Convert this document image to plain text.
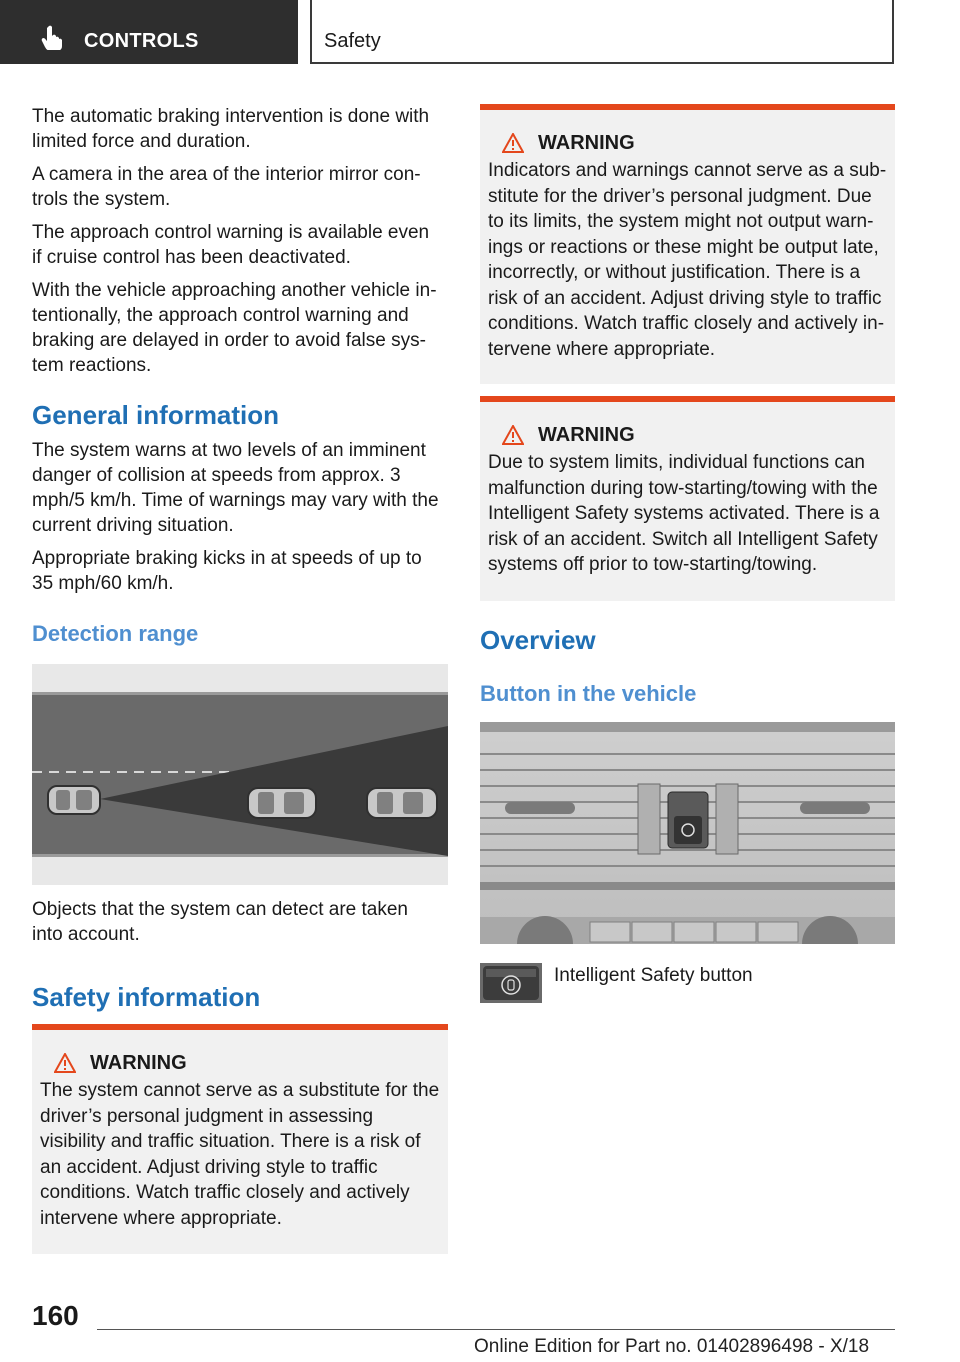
CONTROLS	Safety

The automatic braking intervention is done with limited force and duration.

A camera in the area of the interior mirror controls the system.

The approach control warning is available even if cruise control has been deactivated.

With the vehicle approaching another vehicle intentionally, the approach control warning and braking are delayed in order to avoid false system reactions.

General information

The system warns at two levels of an imminent danger of collision at speeds from approx. 3 mph/5 km/h. Time of warnings may vary with the current driving situation.

Appropriate braking kicks in at speeds of up to 35 mph/60 km/h.

Detection range

Objects that the system can detect are taken into account.

Safety information
WARNING

The system cannot serve as a substitute for the driver’s personal judgment in assessing visibility and traffic situation. There is a risk of an accident. Adjust driving style to traffic conditions. Watch traffic closely and actively intervene where appropriate.

WARNING

Indicators and warnings cannot serve as a substitute for the driver’s personal judgment. Due to its limits, the system might not output warnings or reactions or these might be output late, incorrectly, or without justification. There is a risk of an accident. Adjust driving style to traffic conditions. Watch traffic closely and actively intervene where appropriate.

WARNING

Due to system limits, individual functions can malfunction during tow-starting/towing with the Intelligent Safety systems activated. There is a risk of an accident. Switch all Intelligent Safety systems off prior to tow-starting/towing.

Overview
Button in the vehicle

Intelligent Safety button

160
Online Edition for Part no. 01402896498 - X/18
